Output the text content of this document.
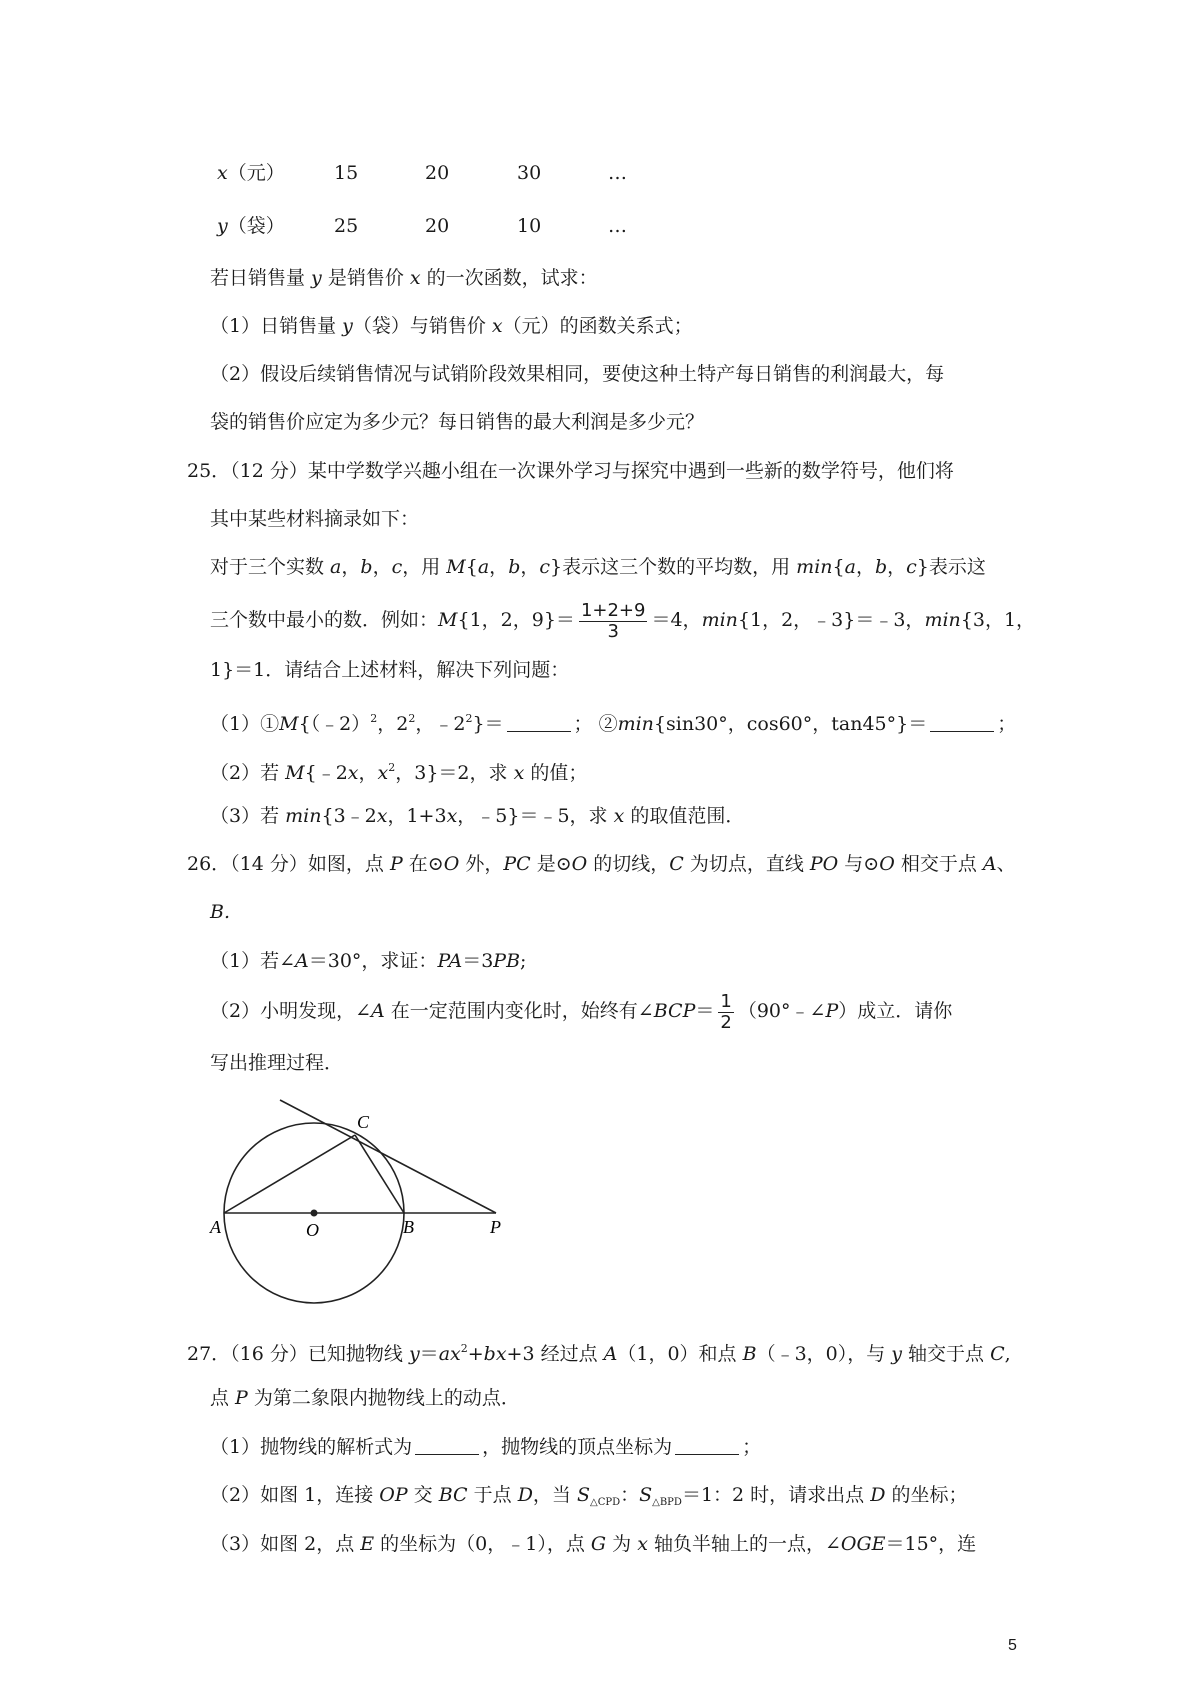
x（元）	15	20	30	…
y（袋）	25	20	10	…
若日销售量 y 是销售价 x 的一次函数，试求：
（1）日销售量 y（袋）与销售价 x（元）的函数关系式；
（2）假设后续销售情况与试销阶段效果相同，要使这种土特产每日销售的利润最大，每
袋的销售价应定为多少元？每日销售的最大利润是多少元？
25．（12 分）某中学数学兴趣小组在一次课外学习与探究中遇到一些新的数学符号，他们将
其中某些材料摘录如下：
对于三个实数 a，b，c，用 M{a，b，c}表示这三个数的平均数，用 min{a，b，c}表示这
三个数中最小的数．例如：M{1，2，$9\}= \frac{1+2+9}{3} =4$，min{1，2，﹣3}＝﹣3，min{3，1，
1}＝1．请结合上述材料，解决下列问题：
（1）①M{（﹣2）$^2$，$2^2$，$﹣2^2\}=$	； ②min{sin30°，cos60°，tan45°}＝	；
（2）若 M{﹣2x，$x^2$，3}＝2，求 x 的值；
（3）若 min{3﹣2x，1+3x，﹣5}＝﹣5，求 x 的取值范围．
26．（14 分）如图，点 P 在⊙O 外，PC 是⊙O 的切线，C 为切点，直线 PO 与⊙O 相交于点 A、
B.
（1）若∠A＝30°，求证：PA＝3PB;
（2）小明发现，∠A 在一定范围内变化时，始终有∠BCP＝ $\frac{1}{2}$ （90°﹣∠P）成立．请你
写出推理过程．
C
A	O	B	P
27．（16 分）已知抛物线 $y=ax^2+bx+3$ 经过点 A（1，0）和点 B（﹣3，0），与 y 轴交于点 C,
点 P 为第二象限内抛物线上的动点．
（1）抛物线的解析式为	，抛物线的顶点坐标为	；
（2）如图 1，连接 OP 交 BC 于点 D，当 $S_{\triangle CPD}$：$S_{\triangle BPD}=1$：2 时，请求出点 D 的坐标；
（3）如图 2，点 E 的坐标为（0，﹣1），点 G 为 x 轴负半轴上的一点，∠OGE＝15°，连
5
